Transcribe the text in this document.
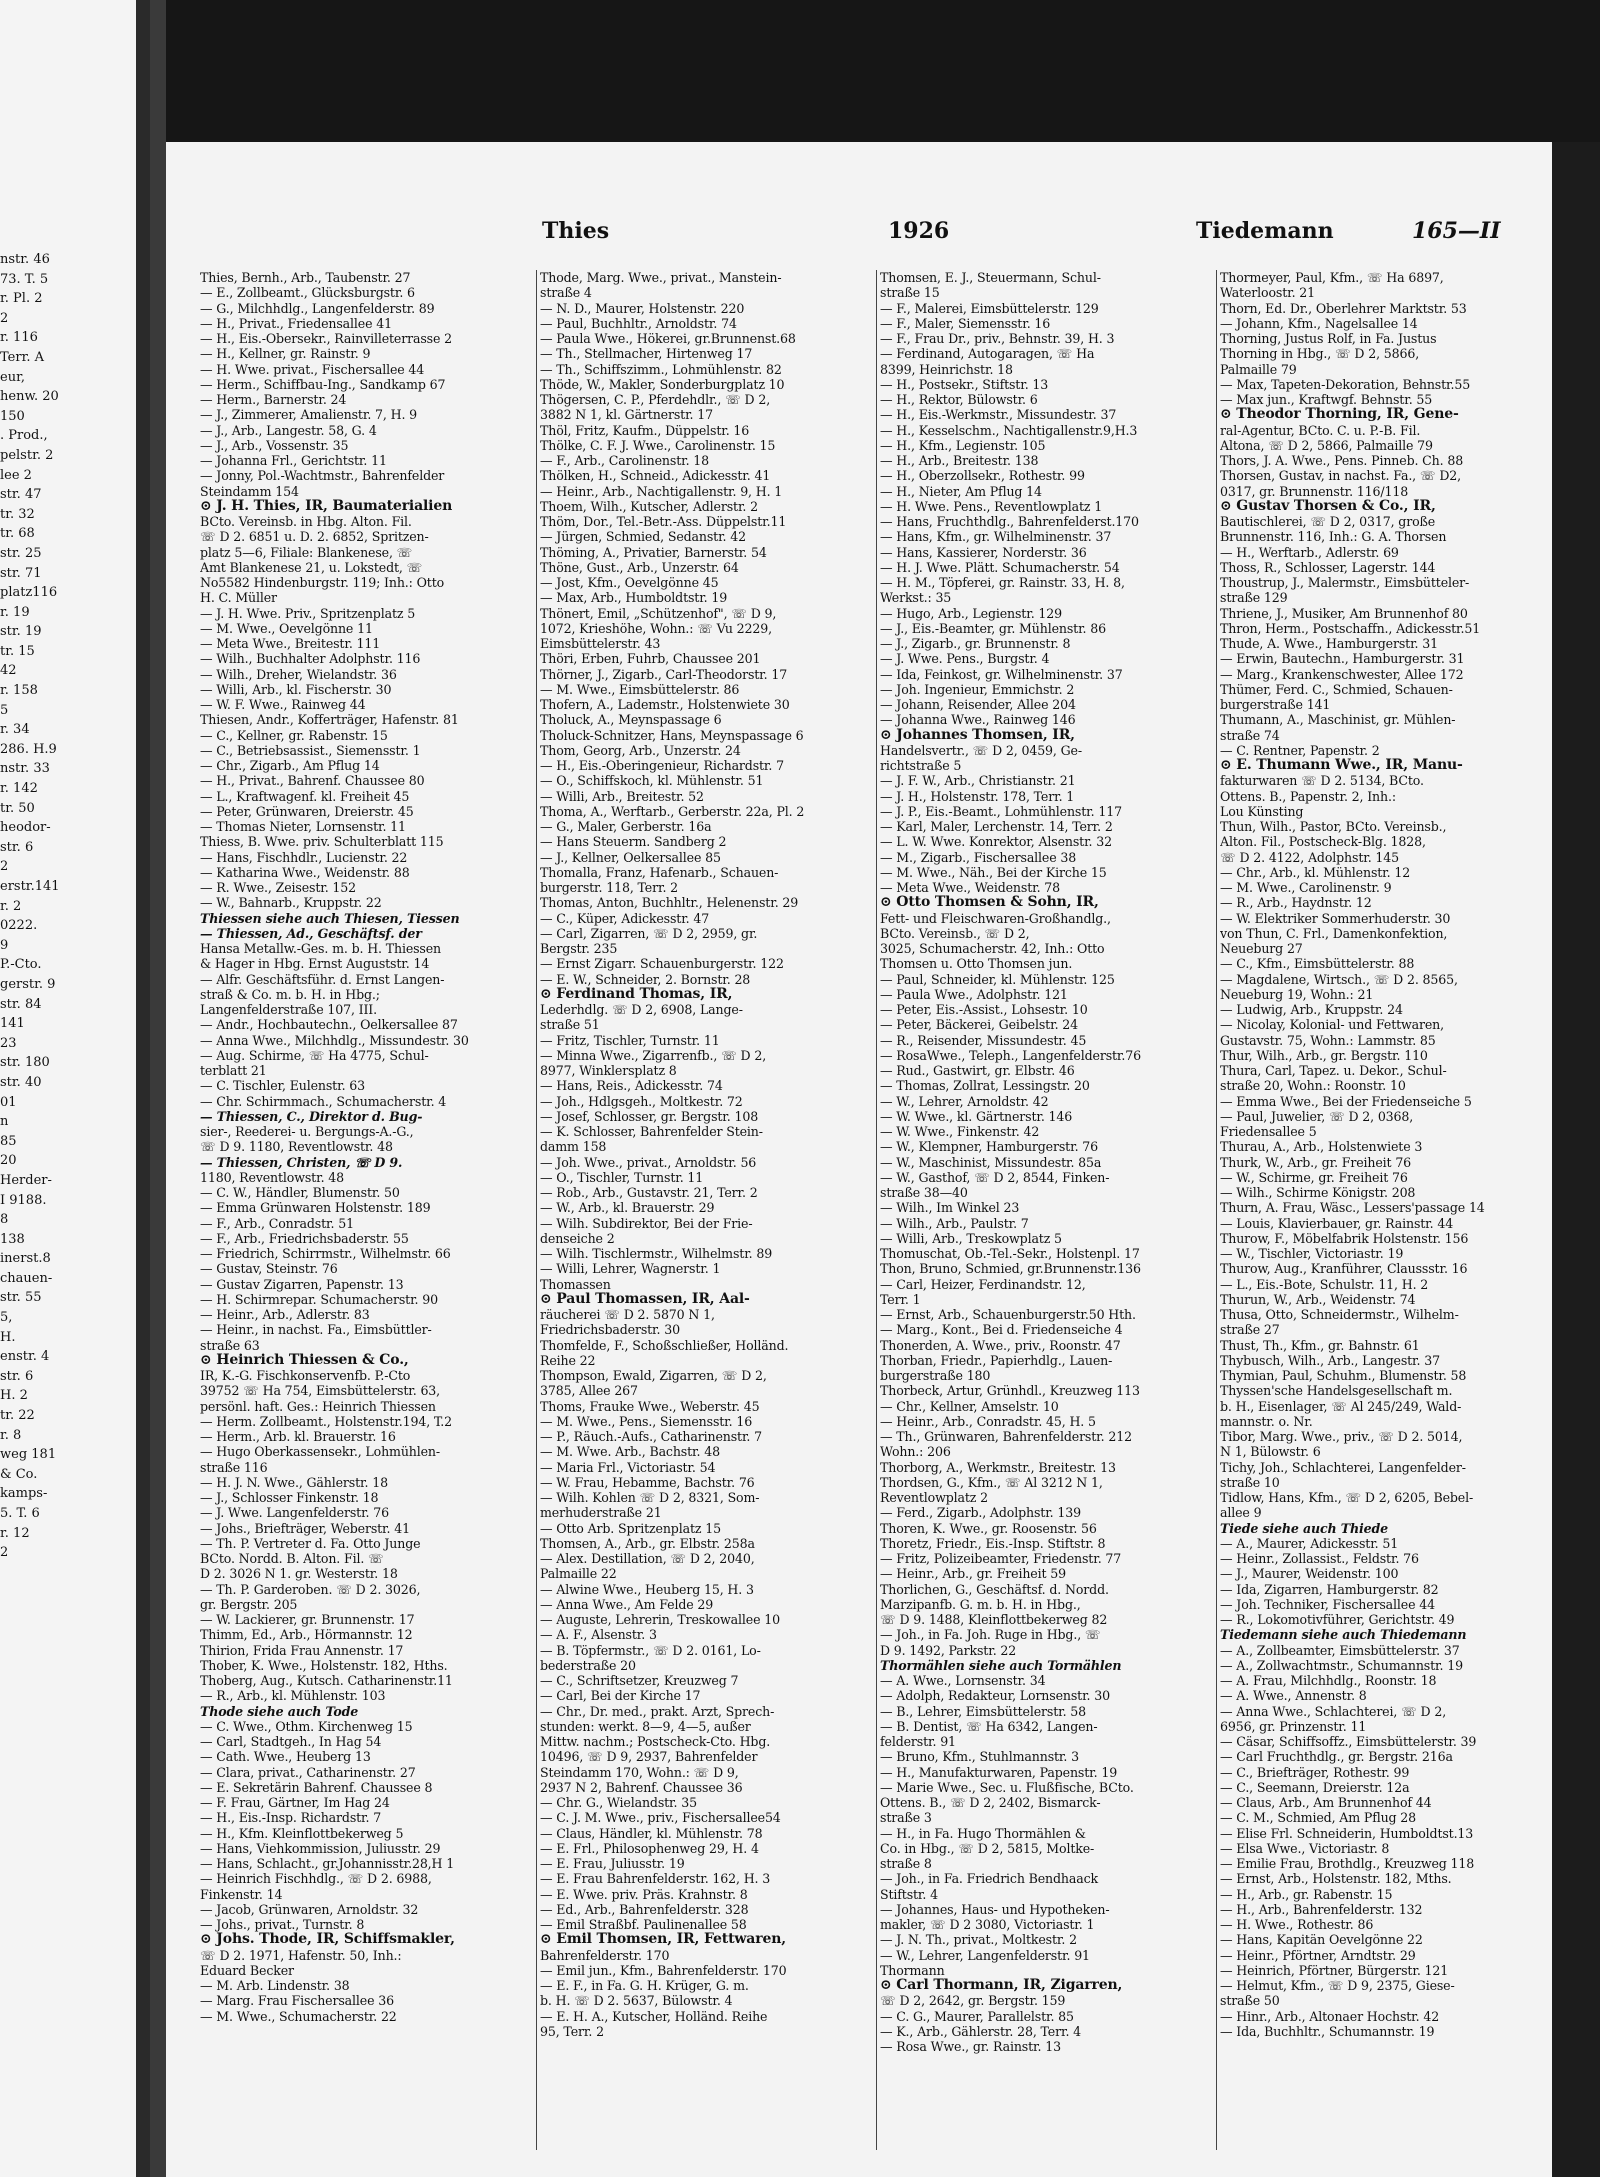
nstr. 46
73. T. 5
r. Pl. 2
2
r. 116
Terr. A
eur,
henw. 20
150
. Prod.,
pelstr. 2
lee 2
str. 47
tr. 32
tr. 68
str. 25
str. 71
platz116
r. 19
str. 19
tr. 15
42
r. 158
5
r. 34
286. H.9
nstr. 33
r. 142
tr. 50
heodor-
str. 6
2
erstr.141
r. 2
0222.
9
P.-Cto.
gerstr. 9
str. 84
141
23
str. 180
str. 40
01
n
85
20
Herder-
I 9188.
8
138
inerst.8
chauen-
str. 55
5,
H.
enstr. 4
str. 6
H. 2
tr. 22
r. 8
weg 181
& Co.
kamps-
5. T. 6
r. 12
2
Thies	1926	Tiedemann	165—II
Thies, Bernh., Arb., Taubenstr. 27
— E., Zollbeamt., Glücksburgstr. 6
— G., Milchhdlg., Langenfelderstr. 89
— H., Privat., Friedensallee 41
— H., Eis.-Obersekr., Rainvilleterrasse 2
— H., Kellner, gr. Rainstr. 9
— H. Wwe. privat., Fischersallee 44
— Herm., Schiffbau-Ing., Sandkamp 67
— Herm., Barnerstr. 24
— J., Zimmerer, Amalienstr. 7, H. 9
— J., Arb., Langestr. 58, G. 4
— J., Arb., Vossenstr. 35
— Johanna Frl., Gerichtstr. 11
— Jonny, Pol.-Wachtmstr., Bahrenfelder
Steindamm 154
⊙ J. H. Thies, IR, Baumaterialien
BCto. Vereinsb. in Hbg. Alton. Fil.
☏ D 2. 6851 u. D. 2. 6852, Spritzen-
platz 5—6, Filiale: Blankenese, ☏
Amt Blankenese 21, u. Lokstedt, ☏
No5582 Hindenburgstr. 119; Inh.: Otto
H. C. Müller
— J. H. Wwe. Priv., Spritzenplatz 5
— M. Wwe., Oevelgönne 11
— Meta Wwe., Breitestr. 111
— Wilh., Buchhalter Adolphstr. 116
— Wilh., Dreher, Wielandstr. 36
— Willi, Arb., kl. Fischerstr. 30
— W. F. Wwe., Rainweg 44
Thiesen, Andr., Kofferträger, Hafenstr. 81
— C., Kellner, gr. Rabenstr. 15
— C., Betriebsassist., Siemensstr. 1
— Chr., Zigarb., Am Pflug 14
— H., Privat., Bahrenf. Chaussee 80
— L., Kraftwagenf. kl. Freiheit 45
— Peter, Grünwaren, Dreierstr. 45
— Thomas Nieter, Lornsenstr. 11
Thiess, B. Wwe. priv. Schulterblatt 115
— Hans, Fischhdlr., Lucienstr. 22
— Katharina Wwe., Weidenstr. 88
— R. Wwe., Zeisestr. 152
— W., Bahnarb., Kruppstr. 22
Thiessen siehe auch Thiesen, Tiessen
— Thiessen, Ad., Geschäftsf. der
Hansa Metallw.-Ges. m. b. H. Thiessen
& Hager in Hbg. Ernst Auguststr. 14
— Alfr. Geschäftsführ. d. Ernst Langen-
straß & Co. m. b. H. in Hbg.;
Langenfelderstraße 107, III.
— Andr., Hochbautechn., Oelkersallee 87
— Anna Wwe., Milchhdlg., Missundestr. 30
— Aug. Schirme, ☏ Ha 4775, Schul-
terblatt 21
— C. Tischler, Eulenstr. 63
— Chr. Schirmmach., Schumacherstr. 4
— Thiessen, C., Direktor d. Bug-
sier-, Reederei- u. Bergungs-A.-G.,
☏ D 9. 1180, Reventlowstr. 48
— Thiessen, Christen, ☏ D 9.
1180, Reventlowstr. 48
— C. W., Händler, Blumenstr. 50
— Emma Grünwaren Holstenstr. 189
— F., Arb., Conradstr. 51
— F., Arb., Friedrichsbaderstr. 55
— Friedrich, Schirrmstr., Wilhelmstr. 66
— Gustav, Steinstr. 76
— Gustav Zigarren, Papenstr. 13
— H. Schirmrepar. Schumacherstr. 90
— Heinr., Arb., Adlerstr. 83
— Heinr., in nachst. Fa., Eimsbüttler-
straße 63
⊙ Heinrich Thiessen & Co.,
IR, K.-G. Fischkonservenfb. P.-Cto
39752 ☏ Ha 754, Eimsbüttelerstr. 63,
persönl. haft. Ges.: Heinrich Thiessen
— Herm. Zollbeamt., Holstenstr.194, T.2
— Herm., Arb. kl. Brauerstr. 16
— Hugo Oberkassensekr., Lohmühlen-
straße 116
— H. J. N. Wwe., Gählerstr. 18
— J., Schlosser Finkenstr. 18
— J. Wwe. Langenfelderstr. 76
— Johs., Briefträger, Weberstr. 41
— Th. P. Vertreter d. Fa. Otto Junge
BCto. Nordd. B. Alton. Fil. ☏
D 2. 3026 N 1. gr. Westerstr. 18
— Th. P. Garderoben. ☏ D 2. 3026,
gr. Bergstr. 205
— W. Lackierer, gr. Brunnenstr. 17
Thimm, Ed., Arb., Hörmannstr. 12
Thirion, Frida Frau Annenstr. 17
Thober, K. Wwe., Holstenstr. 182, Hths.
Thoberg, Aug., Kutsch. Catharinenstr.11
— R., Arb., kl. Mühlenstr. 103
Thode siehe auch Tode
— C. Wwe., Othm. Kirchenweg 15
— Carl, Stadtgeh., In Hag 54
— Cath. Wwe., Heuberg 13
— Clara, privat., Catharinenstr. 27
— E. Sekretärin Bahrenf. Chaussee 8
— F. Frau, Gärtner, Im Hag 24
— H., Eis.-Insp. Richardstr. 7
— H., Kfm. Kleinflottbekerweg 5
— Hans, Viehkommission, Juliusstr. 29
— Hans, Schlacht., gr.Johannisstr.28,H 1
— Heinrich Fischhdlg., ☏ D 2. 6988,
Finkenstr. 14
— Jacob, Grünwaren, Arnoldstr. 32
— Johs., privat., Turnstr. 8
⊙ Johs. Thode, IR, Schiffsmakler,
☏ D 2. 1971, Hafenstr. 50, Inh.:
Eduard Becker
— M. Arb. Lindenstr. 38
— Marg. Frau Fischersallee 36
— M. Wwe., Schumacherstr. 22
Thode, Marg. Wwe., privat., Manstein-
straße 4
— N. D., Maurer, Holstenstr. 220
— Paul, Buchhltr., Arnoldstr. 74
— Paula Wwe., Hökerei, gr.Brunnenst.68
— Th., Stellmacher, Hirtenweg 17
— Th., Schiffszimm., Lohmühlenstr. 82
Thöde, W., Makler, Sonderburgplatz 10
Thögersen, C. P., Pferdehdlr., ☏ D 2,
3882 N 1, kl. Gärtnerstr. 17
Thöl, Fritz, Kaufm., Düppelstr. 16
Thölke, C. F. J. Wwe., Carolinenstr. 15
— F., Arb., Carolinenstr. 18
Thölken, H., Schneid., Adickesstr. 41
— Heinr., Arb., Nachtigallenstr. 9, H. 1
Thoem, Wilh., Kutscher, Adlerstr. 2
Thöm, Dor., Tel.-Betr.-Ass. Düppelstr.11
— Jürgen, Schmied, Sedanstr. 42
Thöming, A., Privatier, Barnerstr. 54
Thöne, Gust., Arb., Unzerstr. 64
— Jost, Kfm., Oevelgönne 45
— Max, Arb., Humboldtstr. 19
Thönert, Emil, „Schützenhof", ☏ D 9,
1072, Krieshöhe, Wohn.: ☏ Vu 2229,
Eimsbüttelerstr. 43
Thöri, Erben, Fuhrb, Chaussee 201
Thörner, J., Zigarb., Carl-Theodorstr. 17
— M. Wwe., Eimsbüttelerstr. 86
Thofern, A., Lademstr., Holstenwiete 30
Tholuck, A., Meynspassage 6
Tholuck-Schnitzer, Hans, Meynspassage 6
Thom, Georg, Arb., Unzerstr. 24
— H., Eis.-Oberingenieur, Richardstr. 7
— O., Schiffskoch, kl. Mühlenstr. 51
— Willi, Arb., Breitestr. 52
Thoma, A., Werftarb., Gerberstr. 22a, Pl. 2
— G., Maler, Gerberstr. 16a
— Hans Steuerm. Sandberg 2
— J., Kellner, Oelkersallee 85
Thomalla, Franz, Hafenarb., Schauen-
burgerstr. 118, Terr. 2
Thomas, Anton, Buchhltr., Helenenstr. 29
— C., Küper, Adickesstr. 47
— Carl, Zigarren, ☏ D 2, 2959, gr.
Bergstr. 235
— Ernst Zigarr. Schauenburgerstr. 122
— E. W., Schneider, 2. Bornstr. 28
⊙ Ferdinand Thomas, IR,
Lederhdlg. ☏ D 2, 6908, Lange-
straße 51
— Fritz, Tischler, Turnstr. 11
— Minna Wwe., Zigarrenfb., ☏ D 2,
8977, Winklersplatz 8
— Hans, Reis., Adickesstr. 74
— Joh., Hdlgsgeh., Moltkestr. 72
— Josef, Schlosser, gr. Bergstr. 108
— K. Schlosser, Bahrenfelder Stein-
damm 158
— Joh. Wwe., privat., Arnoldstr. 56
— O., Tischler, Turnstr. 11
— Rob., Arb., Gustavstr. 21, Terr. 2
— W., Arb., kl. Brauerstr. 29
— Wilh. Subdirektor, Bei der Frie-
denseiche 2
— Wilh. Tischlermstr., Wilhelmstr. 89
— Willi, Lehrer, Wagnerstr. 1
Thomassen
⊙ Paul Thomassen, IR, Aal-
räucherei ☏ D 2. 5870 N 1,
Friedrichsbaderstr. 30
Thomfelde, F., Schoßschließer, Holländ.
Reihe 22
Thompson, Ewald, Zigarren, ☏ D 2,
3785, Allee 267
Thoms, Frauke Wwe., Weberstr. 45
— M. Wwe., Pens., Siemensstr. 16
— P., Räuch.-Aufs., Catharinenstr. 7
— M. Wwe. Arb., Bachstr. 48
— Maria Frl., Victoriastr. 54
— W. Frau, Hebamme, Bachstr. 76
— Wilh. Kohlen ☏ D 2, 8321, Som-
merhuderstraße 21
— Otto Arb. Spritzenplatz 15
Thomsen, A., Arb., gr. Elbstr. 258a
— Alex. Destillation, ☏ D 2, 2040,
Palmaille 22
— Alwine Wwe., Heuberg 15, H. 3
— Anna Wwe., Am Felde 29
— Auguste, Lehrerin, Treskowallee 10
— A. F., Alsenstr. 3
— B. Töpfermstr., ☏ D 2. 0161, Lo-
bederstraße 20
— C., Schriftsetzer, Kreuzweg 7
— Carl, Bei der Kirche 17
— Chr., Dr. med., prakt. Arzt, Sprech-
stunden: werkt. 8—9, 4—5, außer
Mittw. nachm.; Postscheck-Cto. Hbg.
10496, ☏ D 9, 2937, Bahrenfelder
Steindamm 170, Wohn.: ☏ D 9,
2937 N 2, Bahrenf. Chaussee 36
— Chr. G., Wielandstr. 35
— C. J. M. Wwe., priv., Fischersallee54
— Claus, Händler, kl. Mühlenstr. 78
— E. Frl., Philosophenweg 29, H. 4
— E. Frau, Juliusstr. 19
— E. Frau Bahrenfelderstr. 162, H. 3
— E. Wwe. priv. Präs. Krahnstr. 8
— Ed., Arb., Bahrenfelderstr. 328
— Emil Straßbf. Paulinenallee 58
⊙ Emil Thomsen, IR, Fettwaren,
Bahrenfelderstr. 170
— Emil jun., Kfm., Bahrenfelderstr. 170
— E. F., in Fa. G. H. Krüger, G. m.
b. H. ☏ D 2. 5637, Bülowstr. 4
— E. H. A., Kutscher, Holländ. Reihe
95, Terr. 2
Thomsen, E. J., Steuermann, Schul-
straße 15
— F., Malerei, Eimsbüttelerstr. 129
— F., Maler, Siemensstr. 16
— F., Frau Dr., priv., Behnstr. 39, H. 3
— Ferdinand, Autogaragen, ☏ Ha
8399, Heinrichstr. 18
— H., Postsekr., Stiftstr. 13
— H., Rektor, Bülowstr. 6
— H., Eis.-Werkmstr., Missundestr. 37
— H., Kesselschm., Nachtigallenstr.9,H.3
— H., Kfm., Legienstr. 105
— H., Arb., Breitestr. 138
— H., Oberzollsekr., Rothestr. 99
— H., Nieter, Am Pflug 14
— H. Wwe. Pens., Reventlowplatz 1
— Hans, Fruchthdlg., Bahrenfelderst.170
— Hans, Kfm., gr. Wilhelminenstr. 37
— Hans, Kassierer, Norderstr. 36
— H. J. Wwe. Plätt. Schumacherstr. 54
— H. M., Töpferei, gr. Rainstr. 33, H. 8,
Werkst.: 35
— Hugo, Arb., Legienstr. 129
— J., Eis.-Beamter, gr. Mühlenstr. 86
— J., Zigarb., gr. Brunnenstr. 8
— J. Wwe. Pens., Burgstr. 4
— Ida, Feinkost, gr. Wilhelminenstr. 37
— Joh. Ingenieur, Emmichstr. 2
— Johann, Reisender, Allee 204
— Johanna Wwe., Rainweg 146
⊙ Johannes Thomsen, IR,
Handelsvertr., ☏ D 2, 0459, Ge-
richtstraße 5
— J. F. W., Arb., Christianstr. 21
— J. H., Holstenstr. 178, Terr. 1
— J. P., Eis.-Beamt., Lohmühlenstr. 117
— Karl, Maler, Lerchenstr. 14, Terr. 2
— L. W. Wwe. Konrektor, Alsenstr. 32
— M., Zigarb., Fischersallee 38
— M. Wwe., Näh., Bei der Kirche 15
— Meta Wwe., Weidenstr. 78
⊙ Otto Thomsen & Sohn, IR,
Fett- und Fleischwaren-Großhandlg.,
BCto. Vereinsb., ☏ D 2,
3025, Schumacherstr. 42, Inh.: Otto
Thomsen u. Otto Thomsen jun.
— Paul, Schneider, kl. Mühlenstr. 125
— Paula Wwe., Adolphstr. 121
— Peter, Eis.-Assist., Lohsestr. 10
— Peter, Bäckerei, Geibelstr. 24
— R., Reisender, Missundestr. 45
— RosaWwe., Teleph., Langenfelderstr.76
— Rud., Gastwirt, gr. Elbstr. 46
— Thomas, Zollrat, Lessingstr. 20
— W., Lehrer, Arnoldstr. 42
— W. Wwe., kl. Gärtnerstr. 146
— W. Wwe., Finkenstr. 42
— W., Klempner, Hamburgerstr. 76
— W., Maschinist, Missundestr. 85a
— W., Gasthof, ☏ D 2, 8544, Finken-
straße 38—40
— Wilh., Im Winkel 23
— Wilh., Arb., Paulstr. 7
— Willi, Arb., Treskowplatz 5
Thomuschat, Ob.-Tel.-Sekr., Holstenpl. 17
Thon, Bruno, Schmied, gr.Brunnenstr.136
— Carl, Heizer, Ferdinandstr. 12,
Terr. 1
— Ernst, Arb., Schauenburgerstr.50 Hth.
— Marg., Kont., Bei d. Friedenseiche 4
Thonerden, A. Wwe., priv., Roonstr. 47
Thorban, Friedr., Papierhdlg., Lauen-
burgerstraße 180
Thorbeck, Artur, Grünhdl., Kreuzweg 113
— Chr., Kellner, Amselstr. 10
— Heinr., Arb., Conradstr. 45, H. 5
— Th., Grünwaren, Bahrenfelderstr. 212
Wohn.: 206
Thorborg, A., Werkmstr., Breitestr. 13
Thordsen, G., Kfm., ☏ Al 3212 N 1,
Reventlowplatz 2
— Ferd., Zigarb., Adolphstr. 139
Thoren, K. Wwe., gr. Roosenstr. 56
Thoretz, Friedr., Eis.-Insp. Stiftstr. 8
— Fritz, Polizeibeamter, Friedenstr. 77
— Heinr., Arb., gr. Freiheit 59
Thorlichen, G., Geschäftsf. d. Nordd.
Marzipanfb. G. m. b. H. in Hbg.,
☏ D 9. 1488, Kleinflottbekerweg 82
— Joh., in Fa. Joh. Ruge in Hbg., ☏
D 9. 1492, Parkstr. 22
Thormählen siehe auch Tormählen
— A. Wwe., Lornsenstr. 34
— Adolph, Redakteur, Lornsenstr. 30
— B., Lehrer, Eimsbüttelerstr. 58
— B. Dentist, ☏ Ha 6342, Langen-
felderstr. 91
— Bruno, Kfm., Stuhlmannstr. 3
— H., Manufakturwaren, Papenstr. 19
— Marie Wwe., Sec. u. Flußfische, BCto.
Ottens. B., ☏ D 2, 2402, Bismarck-
straße 3
— H., in Fa. Hugo Thormählen &
Co. in Hbg., ☏ D 2, 5815, Moltke-
straße 8
— Joh., in Fa. Friedrich Bendhaack
Stiftstr. 4
— Johannes, Haus- und Hypotheken-
makler, ☏ D 2 3080, Victoriastr. 1
— J. N. Th., privat., Moltkestr. 2
— W., Lehrer, Langenfelderstr. 91
Thormann
⊙ Carl Thormann, IR, Zigarren,
☏ D 2, 2642, gr. Bergstr. 159
— C. G., Maurer, Parallelstr. 85
— K., Arb., Gählerstr. 28, Terr. 4
— Rosa Wwe., gr. Rainstr. 13
Thormeyer, Paul, Kfm., ☏ Ha 6897,
Waterloostr. 21
Thorn, Ed. Dr., Oberlehrer Marktstr. 53
— Johann, Kfm., Nagelsallee 14
Thorning, Justus Rolf, in Fa. Justus
Thorning in Hbg., ☏ D 2, 5866,
Palmaille 79
— Max, Tapeten-Dekoration, Behnstr.55
— Max jun., Kraftwgf. Behnstr. 55
⊙ Theodor Thorning, IR, Gene-
ral-Agentur, BCto. C. u. P.-B. Fil.
Altona, ☏ D 2, 5866, Palmaille 79
Thors, J. A. Wwe., Pens. Pinneb. Ch. 88
Thorsen, Gustav, in nachst. Fa., ☏ D2,
0317, gr. Brunnenstr. 116/118
⊙ Gustav Thorsen & Co., IR,
Bautischlerei, ☏ D 2, 0317, große
Brunnenstr. 116, Inh.: G. A. Thorsen
— H., Werftarb., Adlerstr. 69
Thoss, R., Schlosser, Lagerstr. 144
Thoustrup, J., Malermstr., Eimsbütteler-
straße 129
Thriene, J., Musiker, Am Brunnenhof 80
Thron, Herm., Postschaffn., Adickesstr.51
Thude, A. Wwe., Hamburgerstr. 31
— Erwin, Bautechn., Hamburgerstr. 31
— Marg., Krankenschwester, Allee 172
Thümer, Ferd. C., Schmied, Schauen-
burgerstraße 141
Thumann, A., Maschinist, gr. Mühlen-
straße 74
— C. Rentner, Papenstr. 2
⊙ E. Thumann Wwe., IR, Manu-
fakturwaren ☏ D 2. 5134, BCto.
Ottens. B., Papenstr. 2, Inh.:
Lou Künsting
Thun, Wilh., Pastor, BCto. Vereinsb.,
Alton. Fil., Postscheck-Blg. 1828,
☏ D 2. 4122, Adolphstr. 145
— Chr., Arb., kl. Mühlenstr. 12
— M. Wwe., Carolinenstr. 9
— R., Arb., Haydnstr. 12
— W. Elektriker Sommerhuderstr. 30
von Thun, C. Frl., Damenkonfektion,
Neueburg 27
— C., Kfm., Eimsbüttelerstr. 88
— Magdalene, Wirtsch., ☏ D 2. 8565,
Neueburg 19, Wohn.: 21
— Ludwig, Arb., Kruppstr. 24
— Nicolay, Kolonial- und Fettwaren,
Gustavstr. 75, Wohn.: Lammstr. 85
Thur, Wilh., Arb., gr. Bergstr. 110
Thura, Carl, Tapez. u. Dekor., Schul-
straße 20, Wohn.: Roonstr. 10
— Emma Wwe., Bei der Friedenseiche 5
— Paul, Juwelier, ☏ D 2, 0368,
Friedensallee 5
Thurau, A., Arb., Holstenwiete 3
Thurk, W., Arb., gr. Freiheit 76
— W., Schirme, gr. Freiheit 76
— Wilh., Schirme Königstr. 208
Thurn, A. Frau, Wäsc., Lessers'passage 14
— Louis, Klavierbauer, gr. Rainstr. 44
Thurow, F., Möbelfabrik Holstenstr. 156
— W., Tischler, Victoriastr. 19
Thurow, Aug., Kranführer, Claussstr. 16
— L., Eis.-Bote, Schulstr. 11, H. 2
Thurun, W., Arb., Weidenstr. 74
Thusa, Otto, Schneidermstr., Wilhelm-
straße 27
Thust, Th., Kfm., gr. Bahnstr. 61
Thybusch, Wilh., Arb., Langestr. 37
Thymian, Paul, Schuhm., Blumenstr. 58
Thyssen'sche Handelsgesellschaft m.
b. H., Eisenlager, ☏ Al 245/249, Wald-
mannstr. o. Nr.
Tibor, Marg. Wwe., priv., ☏ D 2. 5014,
N 1, Bülowstr. 6
Tichy, Joh., Schlachterei, Langenfelder-
straße 10
Tidlow, Hans, Kfm., ☏ D 2, 6205, Bebel-
allee 9
Tiede siehe auch Thiede
— A., Maurer, Adickesstr. 51
— Heinr., Zollassist., Feldstr. 76
— J., Maurer, Weidenstr. 100
— Ida, Zigarren, Hamburgerstr. 82
— Joh. Techniker, Fischersallee 44
— R., Lokomotivführer, Gerichtstr. 49
Tiedemann siehe auch Thiedemann
— A., Zollbeamter, Eimsbüttelerstr. 37
— A., Zollwachtmstr., Schumannstr. 19
— A. Frau, Milchhdlg., Roonstr. 18
— A. Wwe., Annenstr. 8
— Anna Wwe., Schlachterei, ☏ D 2,
6956, gr. Prinzenstr. 11
— Cäsar, Schiffsoffz., Eimsbüttelerstr. 39
— Carl Fruchthdlg., gr. Bergstr. 216a
— C., Briefträger, Rothestr. 99
— C., Seemann, Dreierstr. 12a
— Claus, Arb., Am Brunnenhof 44
— C. M., Schmied, Am Pflug 28
— Elise Frl. Schneiderin, Humboldtst.13
— Elsa Wwe., Victoriastr. 8
— Emilie Frau, Brothdlg., Kreuzweg 118
— Ernst, Arb., Holstenstr. 182, Mths.
— H., Arb., gr. Rabenstr. 15
— H., Arb., Bahrenfelderstr. 132
— H. Wwe., Rothestr. 86
— Hans, Kapitän Oevelgönne 22
— Heinr., Pförtner, Arndtstr. 29
— Heinrich, Pförtner, Bürgerstr. 121
— Helmut, Kfm., ☏ D 9, 2375, Giese-
straße 50
— Hinr., Arb., Altonaer Hochstr. 42
— Ida, Buchhltr., Schumannstr. 19
